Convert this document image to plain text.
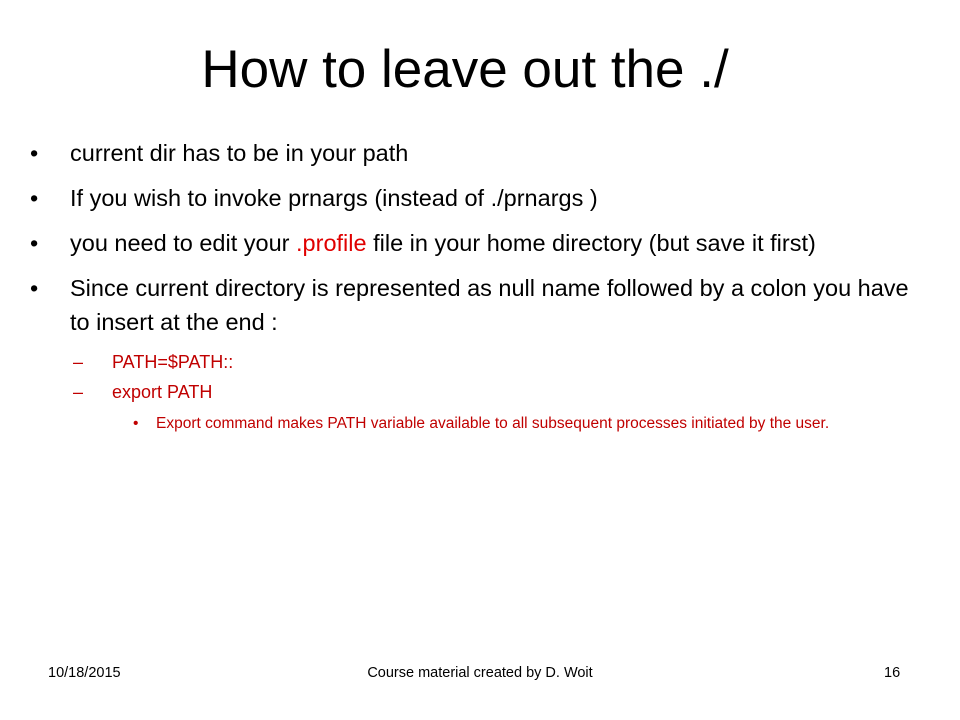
How to leave out the ./
•	current dir has to be in your path
•	If you wish to invoke prnargs (instead of ./prnargs )
•	you need to edit your .profile file in your home directory (but save it first)
•	Since current directory is represented as null name followed by a colon you have to insert at the end :
– PATH=$PATH::
– export PATH
• Export command makes PATH variable available to all subsequent processes initiated by the user.
10/18/2015	Course material created by D. Woit	16
